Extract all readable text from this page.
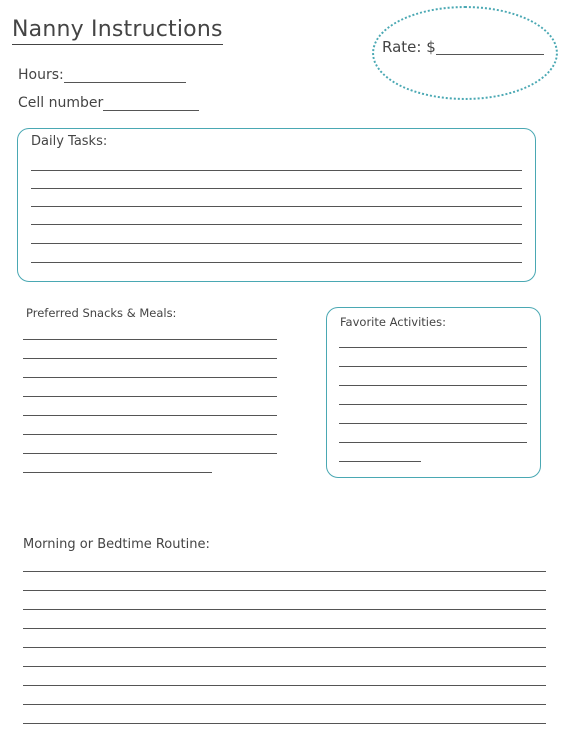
Nanny Instructions
Hours:
Cell number
Rate: $
Daily Tasks:
Preferred Snacks & Meals:
Favorite Activities:
Morning or Bedtime Routine:
